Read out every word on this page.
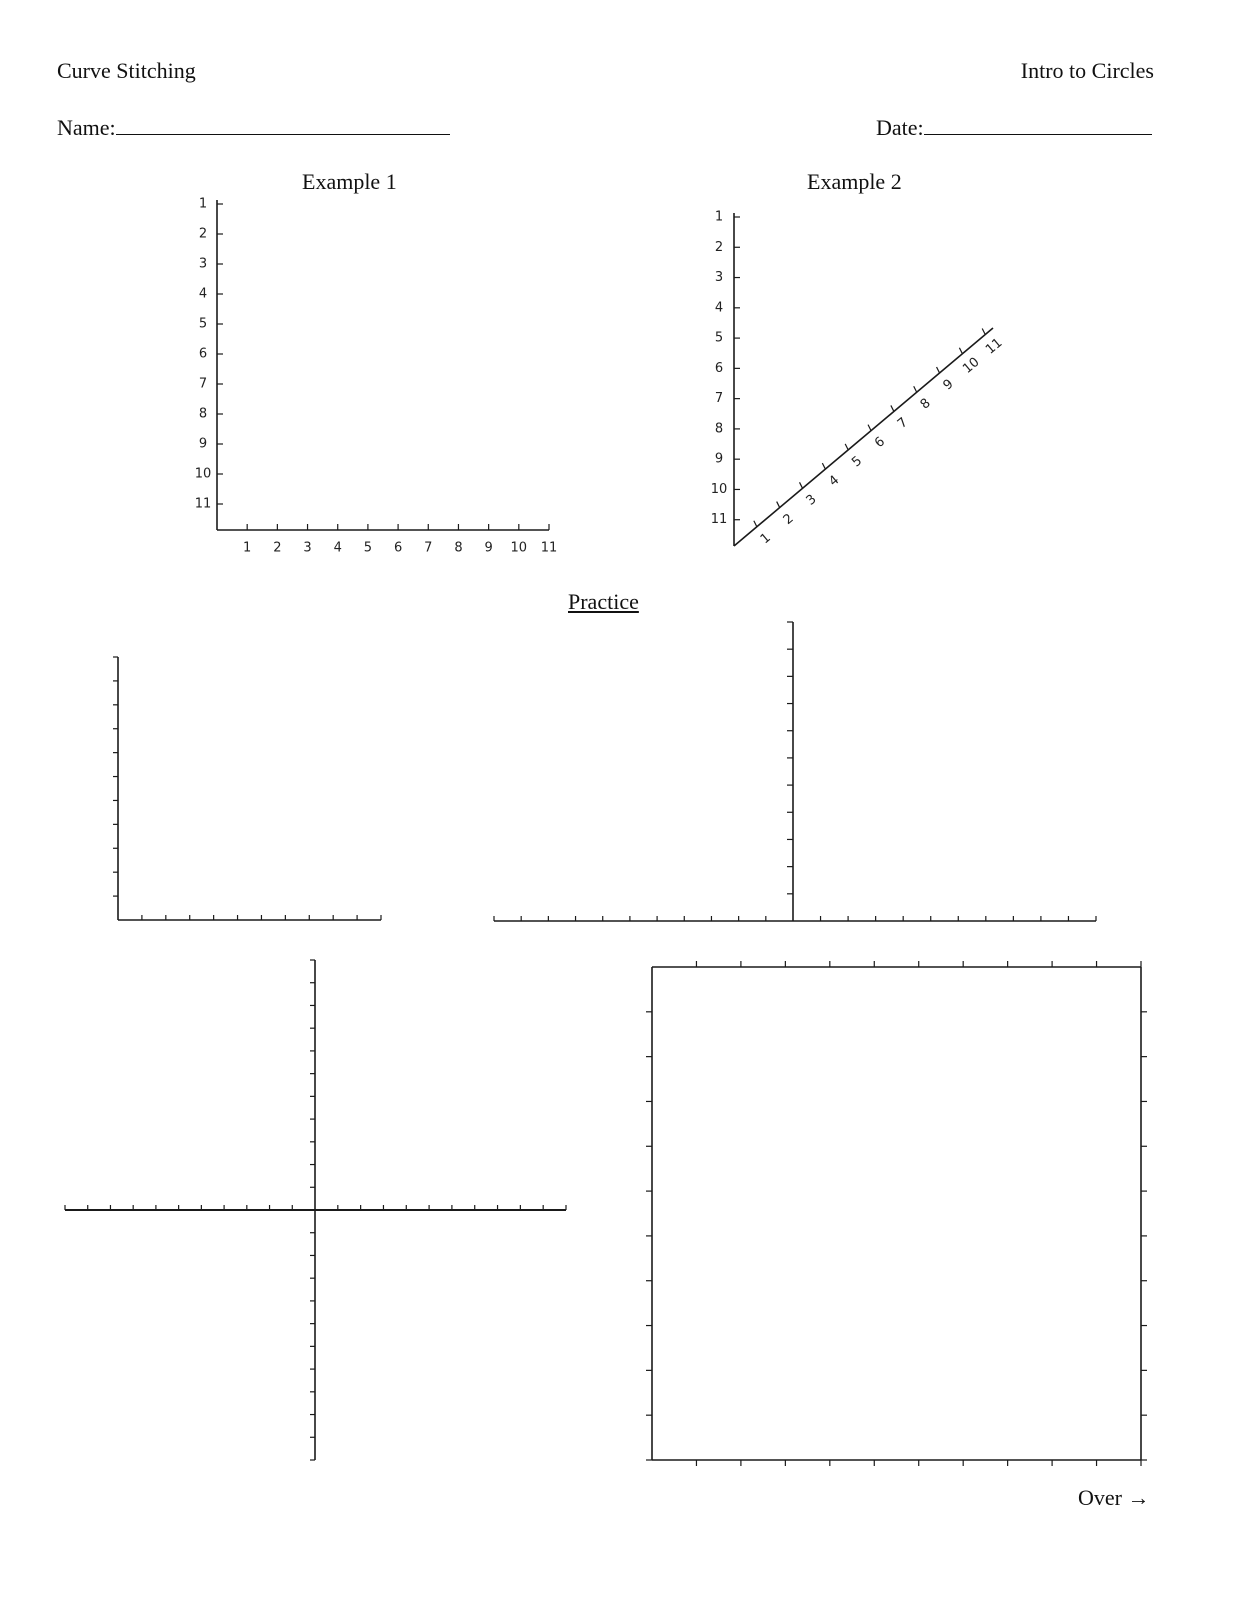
Curve Stitching	Intro to Circles
Name:	Date:
Example 1	Example 2
Practice
Over →
1
2
3
4
5
6
7
8
9
10
11
1 2 3 4 5 6 7 8 9 10 11
1
2
3
4
5
6
7
8
9
10
11
1
2
3
4
5
6
7
8
9
10
11
